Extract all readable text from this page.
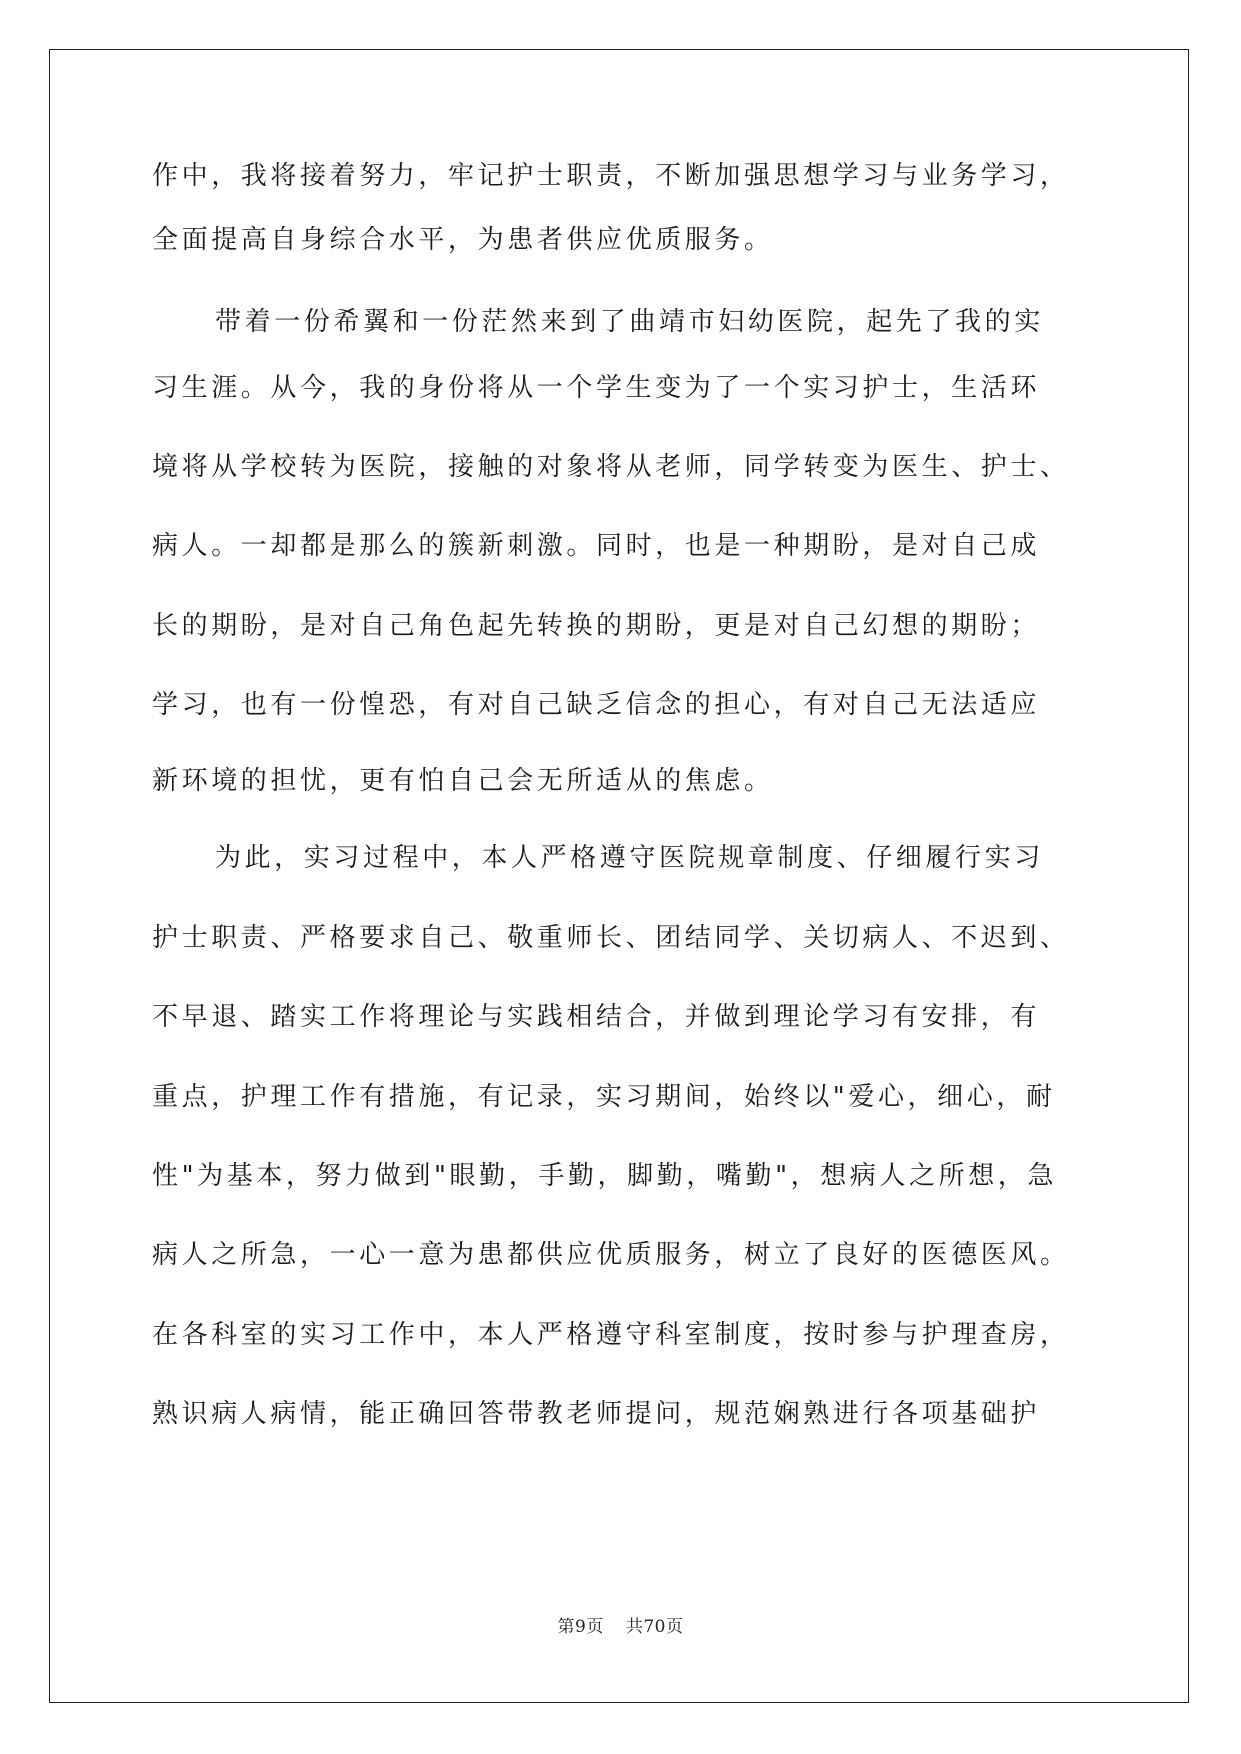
作中，我将接着努力，牢记护士职责，不断加强思想学习与业务学习，
全面提高自身综合水平，为患者供应优质服务。
带着一份希翼和一份茫然来到了曲靖市妇幼医院，起先了我的实
习生涯。从今，我的身份将从一个学生变为了一个实习护士，生活环
境将从学校转为医院，接触的对象将从老师，同学转变为医生、护士、
病人。一却都是那么的簇新刺激。同时，也是一种期盼，是对自己成
长的期盼，是对自己角色起先转换的期盼，更是对自己幻想的期盼；
学习，也有一份惶恐，有对自己缺乏信念的担心，有对自己无法适应
新环境的担忧，更有怕自己会无所适从的焦虑。
为此，实习过程中，本人严格遵守医院规章制度、仔细履行实习
护士职责、严格要求自己、敬重师长、团结同学、关切病人、不迟到、
不早退、踏实工作将理论与实践相结合，并做到理论学习有安排，有
重点，护理工作有措施，有记录，实习期间，始终以"爱心，细心，耐
性"为基本，努力做到"眼勤，手勤，脚勤，嘴勤"，想病人之所想，急
病人之所急，一心一意为患都供应优质服务，树立了良好的医德医风。
在各科室的实习工作中，本人严格遵守科室制度，按时参与护理查房，
熟识病人病情，能正确回答带教老师提问，规范娴熟进行各项基础护
第9页 共70页
